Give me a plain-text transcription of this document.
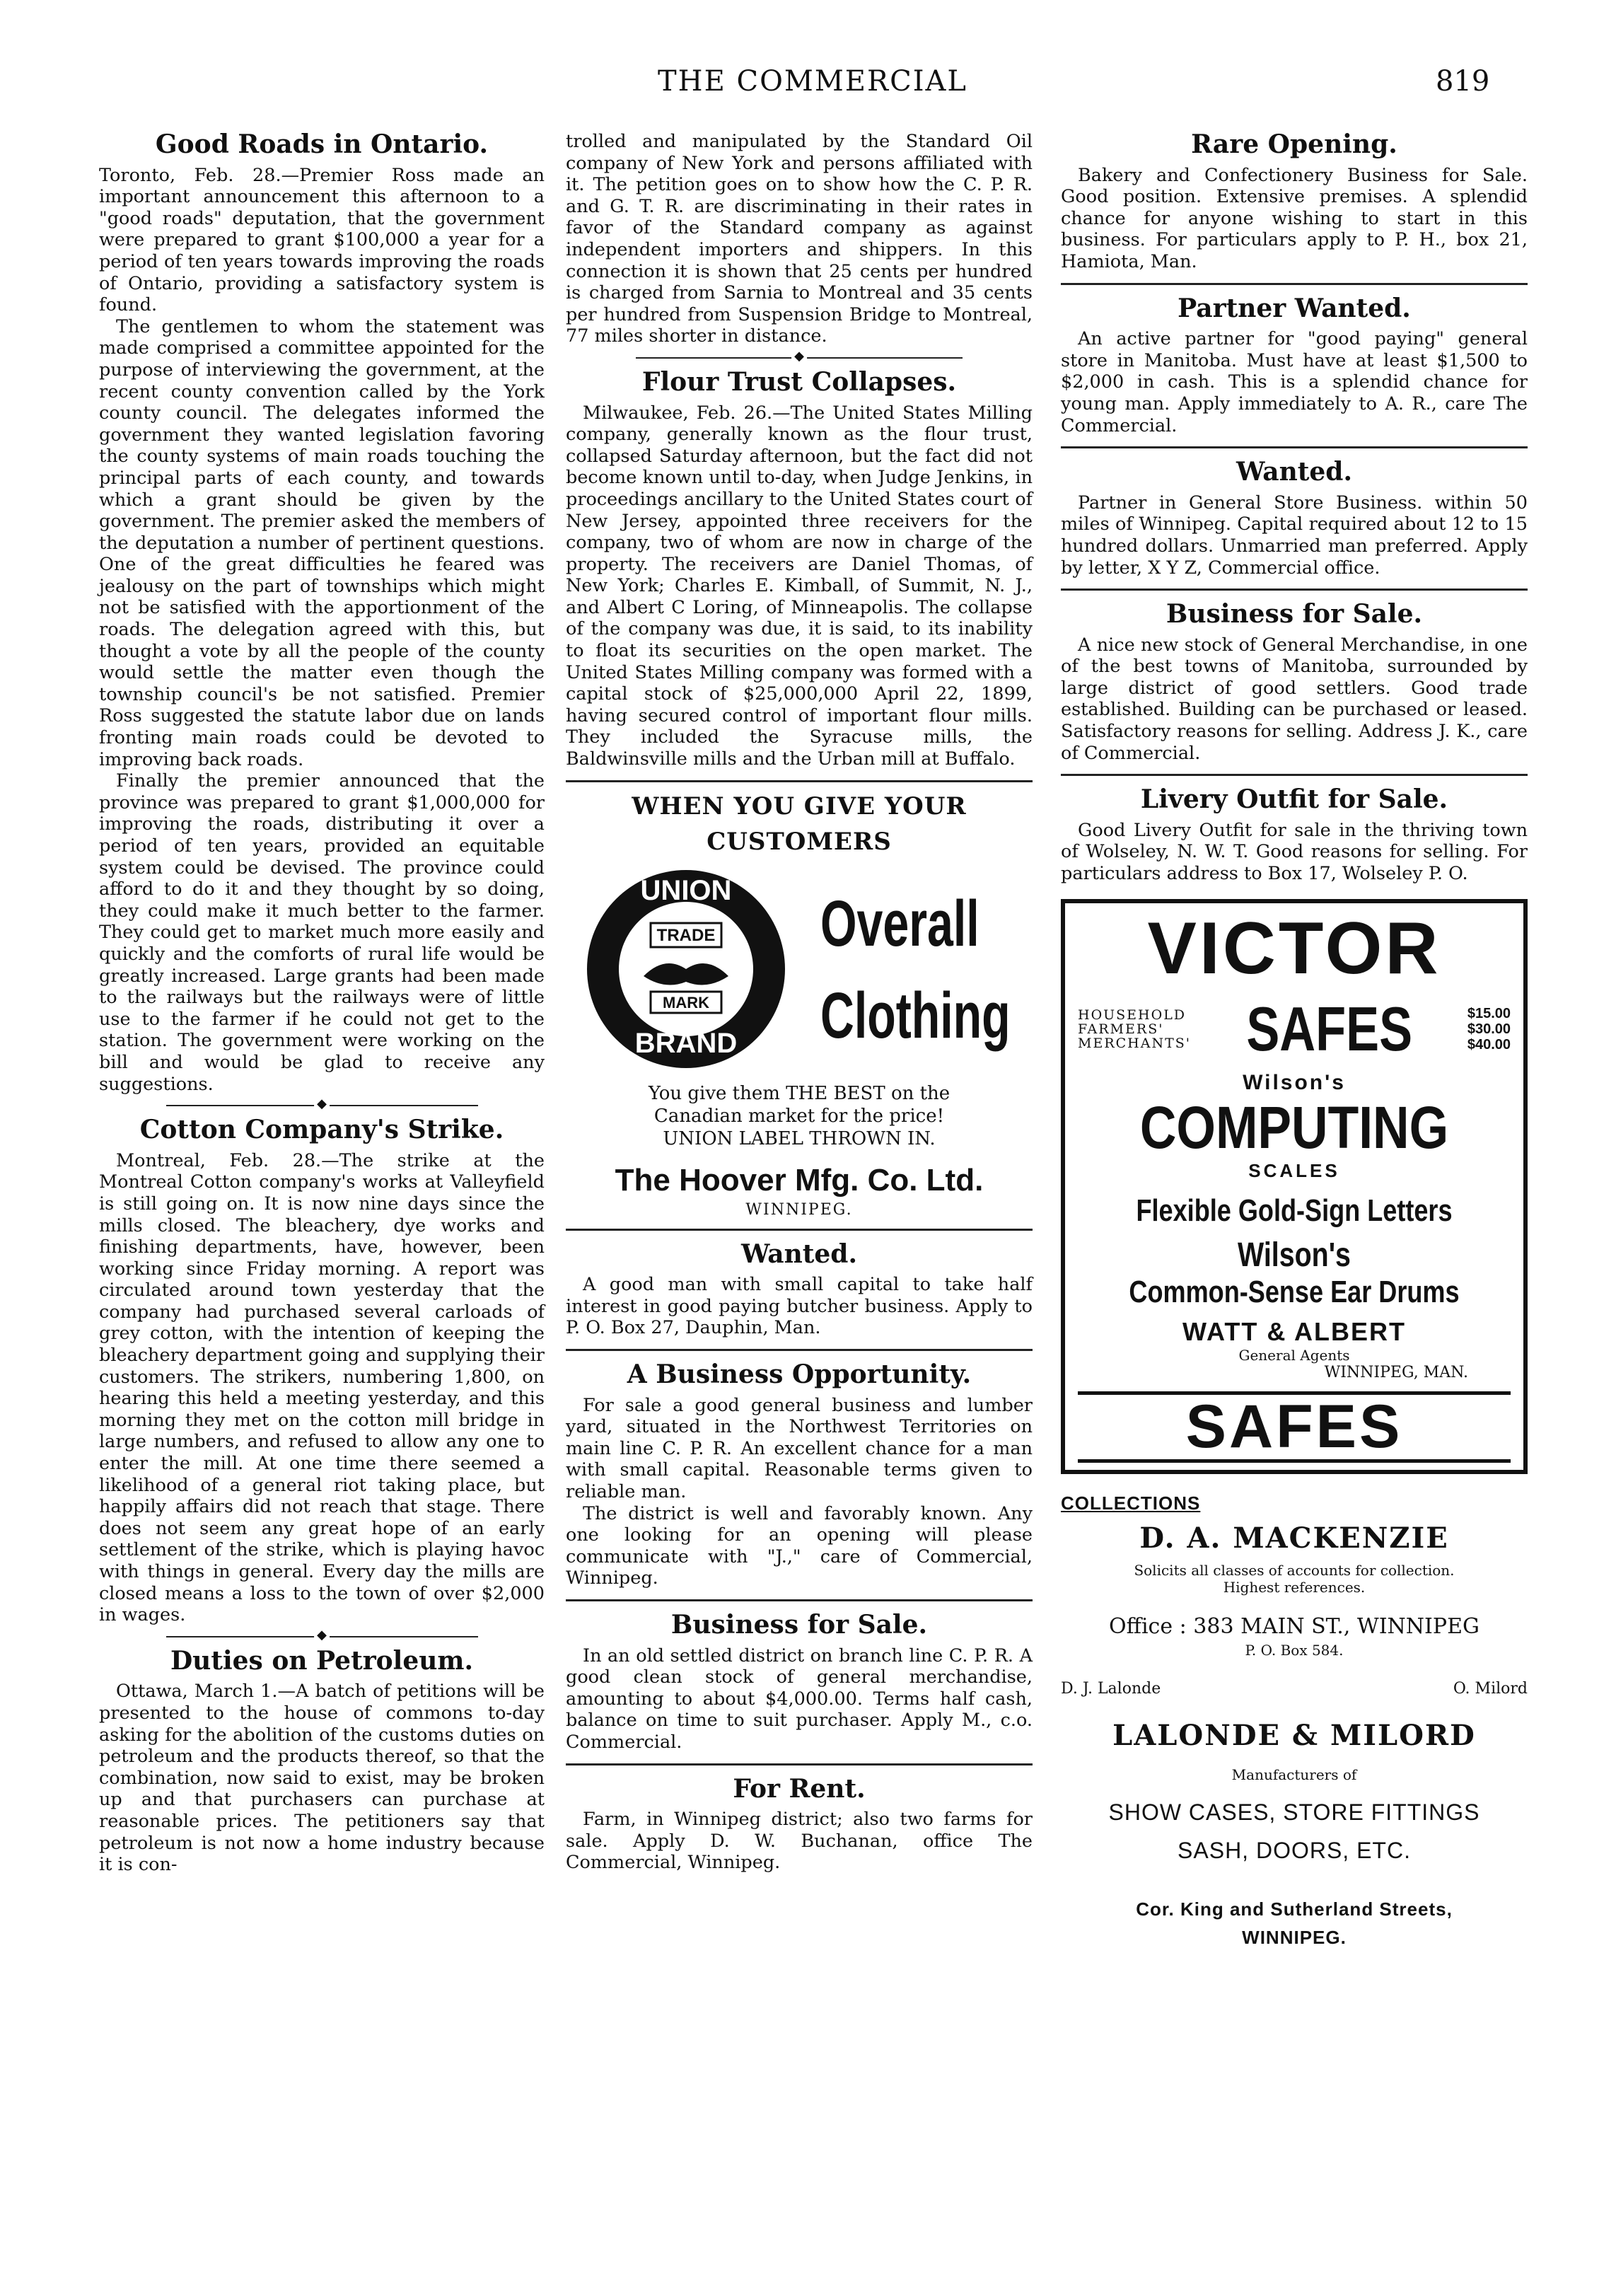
THE COMMERCIAL	819
Good Roads in Ontario.

Toronto, Feb. 28.—Premier Ross made an important announcement this afternoon to a "good roads" deputation, that the government were prepared to grant $100,000 a year for a period of ten years towards improving the roads of Ontario, providing a satisfactory system is found.

The gentlemen to whom the statement was made comprised a committee appointed for the purpose of interviewing the government, at the recent county convention called by the York county council. The delegates informed the government they wanted legislation favoring the county systems of main roads touching the principal parts of each county, and towards which a grant should be given by the government. The premier asked the members of the deputation a number of pertinent questions. One of the great difficulties he feared was jealousy on the part of townships which might not be satisfied with the apportionment of the roads. The delegation agreed with this, but thought a vote by all the people of the county would settle the matter even though the township council's be not satisfied. Premier Ross suggested the statute labor due on lands fronting main roads could be devoted to improving back roads.

Finally the premier announced that the province was prepared to grant $1,000,000 for improving the roads, distributing it over a period of ten years, provided an equitable system could be devised. The province could afford to do it and they thought by so doing, they could make it much better to the farmer. They could get to market much more easily and quickly and the comforts of rural life would be greatly increased. Large grants had been made to the railways but the railways were of little use to the farmer if he could not get to the station. The government were working on the bill and would be glad to receive any suggestions.

◆
Cotton Company's Strike.

Montreal, Feb. 28.—The strike at the Montreal Cotton company's works at Valleyfield is still going on. It is now nine days since the mills closed. The bleachery, dye works and finishing departments, have, however, been working since Friday morning. A report was circulated around town yesterday that the company had purchased several carloads of grey cotton, with the intention of keeping the bleachery department going and supplying their customers. The strikers, numbering 1,800, on hearing this held a meeting yesterday, and this morning they met on the cotton mill bridge in large numbers, and refused to allow any one to enter the mill. At one time there seemed a likelihood of a general riot taking place, but happily affairs did not reach that stage. There does not seem any great hope of an early settlement of the strike, which is playing havoc with things in general. Every day the mills are closed means a loss to the town of over $2,000 in wages.

◆
Duties on Petroleum.

Ottawa, March 1.—A batch of petitions will be presented to the house of commons to-day asking for the abolition of the customs duties on petroleum and the products thereof, so that the combination, now said to exist, may be broken up and that purchasers can purchase at reasonable prices. The petitioners say that petroleum is not now a home industry because it is con-

trolled and manipulated by the Standard Oil company of New York and persons affiliated with it. The petition goes on to show how the C. P. R. and G. T. R. are discriminating in their rates in favor of the Standard company as against independent importers and shippers. In this connection it is shown that 25 cents per hundred is charged from Sarnia to Montreal and 35 cents per hundred from Suspension Bridge to Montreal, 77 miles shorter in distance.

◆
Flour Trust Collapses.

Milwaukee, Feb. 26.—The United States Milling company, generally known as the flour trust, collapsed Saturday afternoon, but the fact did not become known until to-day, when Judge Jenkins, in proceedings ancillary to the United States court of New Jersey, appointed three receivers for the company, two of whom are now in charge of the property. The receivers are Daniel Thomas, of New York; Charles E. Kimball, of Summit, N. J., and Albert C Loring, of Minneapolis. The collapse of the company was due, it is said, to its inability to float its securities on the open market. The United States Milling company was formed with a capital stock of $25,000,000 April 22, 1899, having secured control of important flour mills. They included the Syracuse mills, the Baldwinsville mills and the Urban mill at Buffalo.

WHEN YOU GIVE YOUR
CUSTOMERS
UNION
TRADE
MARK
BRAND
Overall
Clothing
You give them THE BEST on the
Canadian market for the price!
UNION LABEL THROWN IN.
The Hoover Mfg. Co. Ltd.
WINNIPEG.
Wanted.

A good man with small capital to take half interest in good paying butcher business. Apply to P. O. Box 27, Dauphin, Man.

A Business Opportunity.

For sale a good general business and lumber yard, situated in the Northwest Territories on main line C. P. R. An excellent chance for a man with small capital. Reasonable terms given to reliable man.

The district is well and favorably known. Any one looking for an opening will please communicate with "J.," care of Commercial, Winnipeg.

Business for Sale.

In an old settled district on branch line C. P. R. A good clean stock of general merchandise, amounting to about $4,000.00. Terms half cash, balance on time to suit purchaser. Apply M., c.o. Commercial.

For Rent.

Farm, in Winnipeg district; also two farms for sale. Apply D. W. Buchanan, office The Commercial, Winnipeg.

Rare Opening.

Bakery and Confectionery Business for Sale. Good position. Extensive premises. A splendid chance for anyone wishing to start in this business. For particulars apply to P. H., box 21, Hamiota, Man.

Partner Wanted.

An active partner for "good paying" general store in Manitoba. Must have at least $1,500 to $2,000 in cash. This is a splendid chance for young man. Apply immediately to A. R., care The Commercial.

Wanted.

Partner in General Store Business. within 50 miles of Winnipeg. Capital required about 12 to 15 hundred dollars. Unmarried man preferred. Apply by letter, X Y Z, Commercial office.

Business for Sale.

A nice new stock of General Merchandise, in one of the best towns of Manitoba, surrounded by large district of good settlers. Good trade established. Building can be purchased or leased. Satisfactory reasons for selling. Address J. K., care of Commercial.

Livery Outfit for Sale.

Good Livery Outfit for sale in the thriving town of Wolseley, N. W. T. Good reasons for selling. For particulars address to Box 17, Wolseley P. O.

VICTOR
HOUSEHOLD
FARMERS'
MERCHANTS' SAFES	$15.00
$30.00
$40.00
Wilson's
COMPUTING
SCALES
Flexible Gold-Sign Letters
Wilson's
Common-Sense Ear Drums
WATT & ALBERT
General Agents
WINNIPEG, MAN.
SAFES
COLLECTIONS
D. A. MACKENZIE
Solicits all classes of accounts for collection.
Highest references.
Office : 383 MAIN ST., WINNIPEG
P. O. Box 584.
D. J. Lalonde	O. Milord
LALONDE & MILORD
Manufacturers of
SHOW CASES, STORE FITTINGS
SASH, DOORS, ETC.
Cor. King and Sutherland Streets,
WINNIPEG.
